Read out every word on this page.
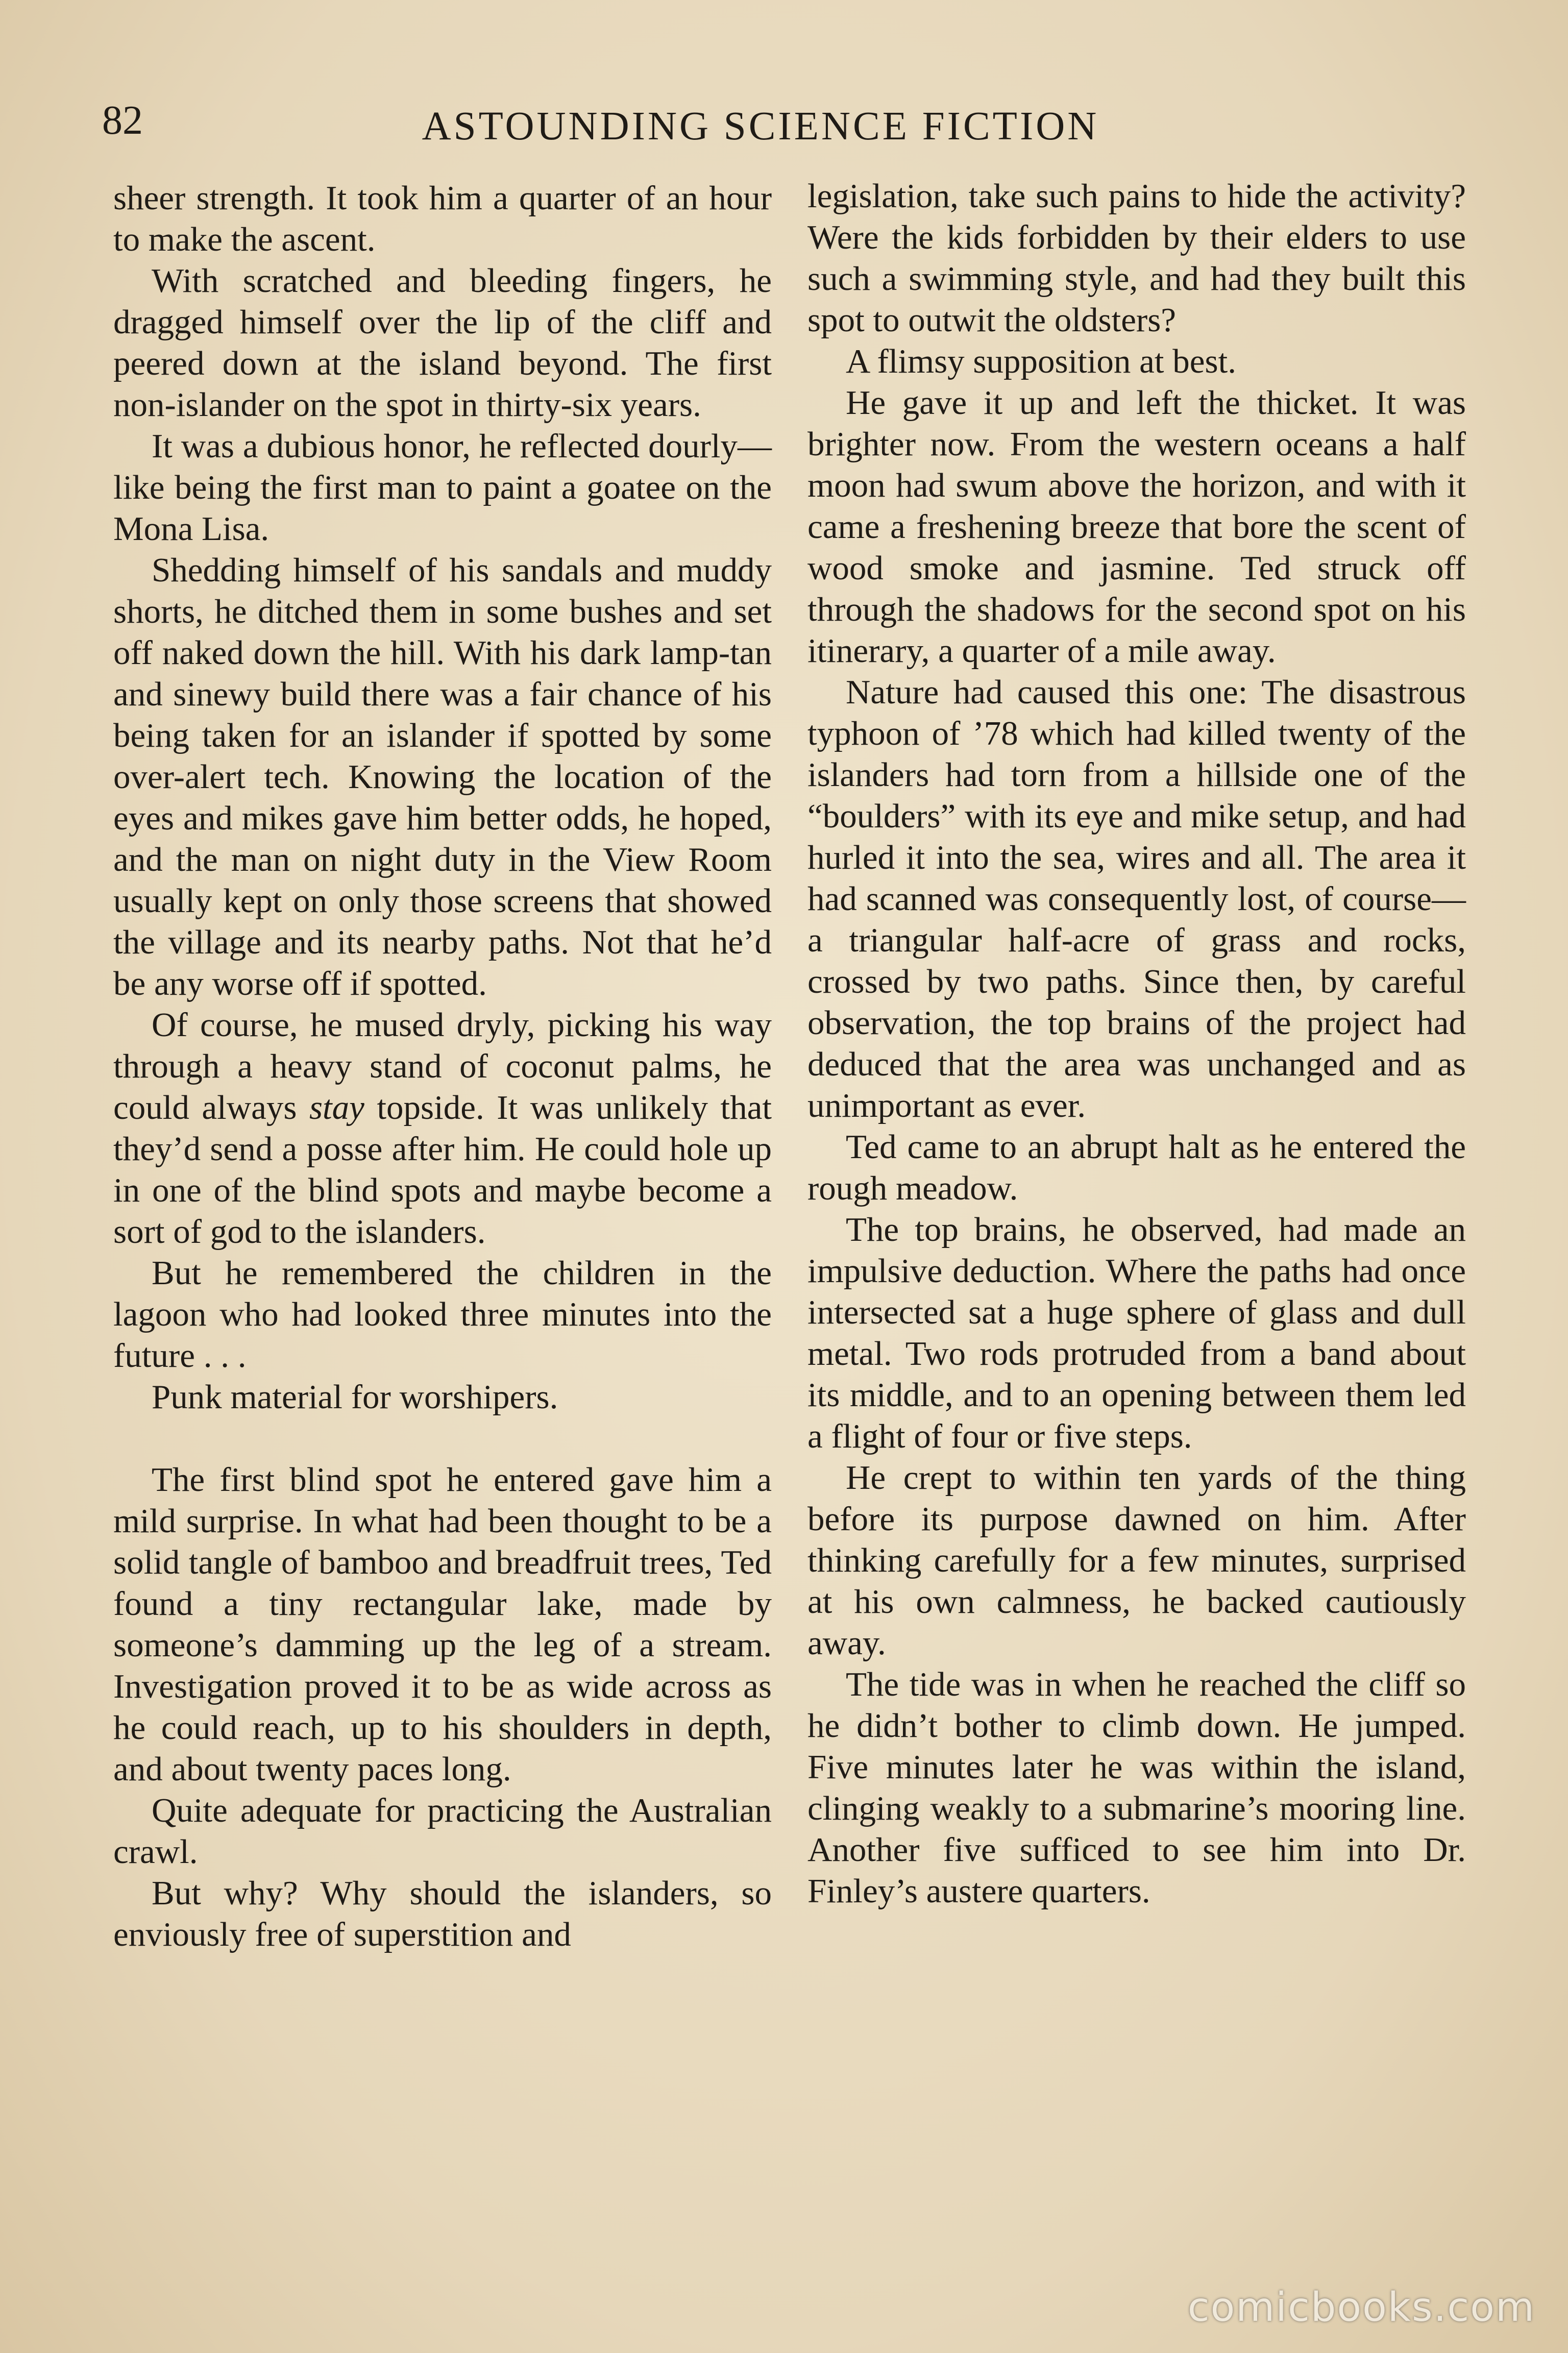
82	ASTOUNDING SCIENCE FICTION

sheer strength. It took him a quarter of an hour to make the ascent.

With scratched and bleeding fingers, he dragged himself over the lip of the cliff and peered down at the island beyond. The first non-islander on the spot in thirty-six years.

It was a dubious honor, he reflected dourly—like being the first man to paint a goatee on the Mona Lisa.

Shedding himself of his sandals and muddy shorts, he ditched them in some bushes and set off naked down the hill. With his dark lamp-tan and sinewy build there was a fair chance of his being taken for an islander if spotted by some over-alert tech. Knowing the location of the eyes and mikes gave him better odds, he hoped, and the man on night duty in the View Room usually kept on only those screens that showed the village and its nearby paths. Not that he’d be any worse off if spotted.

Of course, he mused dryly, picking his way through a heavy stand of coconut palms, he could always stay topside. It was unlikely that they’d send a posse after him. He could hole up in one of the blind spots and maybe become a sort of god to the islanders.

But he remembered the children in the lagoon who had looked three minutes into the future . . .

Punk material for worshipers.

The first blind spot he entered gave him a mild surprise. In what had been thought to be a solid tangle of bamboo and breadfruit trees, Ted found a tiny rectangular lake, made by someone’s damming up the leg of a stream. Investigation proved it to be as wide across as he could reach, up to his shoulders in depth, and about twenty paces long.

Quite adequate for practicing the Australian crawl.

But why? Why should the islanders, so enviously free of superstition and

legislation, take such pains to hide the activity? Were the kids forbidden by their elders to use such a swimming style, and had they built this spot to outwit the oldsters?

A flimsy supposition at best.

He gave it up and left the thicket. It was brighter now. From the western oceans a half moon had swum above the horizon, and with it came a freshening breeze that bore the scent of wood smoke and jasmine. Ted struck off through the shadows for the second spot on his itinerary, a quarter of a mile away.

Nature had caused this one: The disastrous typhoon of ’78 which had killed twenty of the islanders had torn from a hillside one of the “boulders” with its eye and mike setup, and had hurled it into the sea, wires and all. The area it had scanned was consequently lost, of course—a triangular half-acre of grass and rocks, crossed by two paths. Since then, by careful observation, the top brains of the project had deduced that the area was unchanged and as unimportant as ever.

Ted came to an abrupt halt as he entered the rough meadow.

The top brains, he observed, had made an impulsive deduction. Where the paths had once intersected sat a huge sphere of glass and dull metal. Two rods protruded from a band about its middle, and to an opening between them led a flight of four or five steps.

He crept to within ten yards of the thing before its purpose dawned on him. After thinking carefully for a few minutes, surprised at his own calmness, he backed cautiously away.

The tide was in when he reached the cliff so he didn’t bother to climb down. He jumped. Five minutes later he was within the island, clinging weakly to a submarine’s mooring line. Another five sufficed to see him into Dr. Finley’s austere quarters.

comicbooks.com
